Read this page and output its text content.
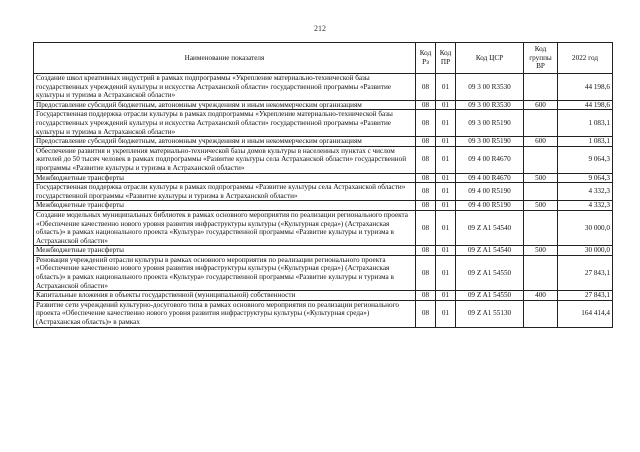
212
Наименование показателя	Код Рз	Код ПР	Код ЦСР	Код группы ВР	2022 год
Создание школ креативных индустрий в рамках подпрограммы «Укрепление материально-технической базы государственных учреждений культуры и искусства Астраханской области» государственной программы «Развитие культуры и туризма в Астраханской области»	08	01	09 3 00 R3530		44 198,6
Предоставление субсидий бюджетным, автономным учреждениям и иным некоммерческим организациям	08	01	09 3 00 R3530	600	44 198,6
Государственная поддержка отрасли культуры в рамках подпрограммы «Укрепление материально-технической базы государственных учреждений культуры и искусства Астраханской области» государственной программы «Развитие культуры и туризма в Астраханской области»	08	01	09 3 00 R5190		1 083,1
Предоставление субсидий бюджетным, автономным учреждениям и иным некоммерческим организациям	08	01	09 3 00 R5190	600	1 083,1
Обеспечение развития и укрепления материально-технической базы домов культуры в населенных пунктах с числом жителей до 50 тысяч человек в рамках подпрограммы «Развитие культуры села Астраханской области» государственной программы «Развитие культуры и туризма в Астраханской области»	08	01	09 4 00 R4670		9 064,3
Межбюджетные трансферты	08	01	09 4 00 R4670	500	9 064,3
Государственная поддержка отрасли культуры в рамках подпрограммы «Развитие культуры села Астраханской области» государственной программы «Развитие культуры и туризма в Астраханской области»	08	01	09 4 00 R5190		4 332,3
Межбюджетные трансферты	08	01	09 4 00 R5190	500	4 332,3
Создание модельных муниципальных библиотек в рамках основного мероприятия по реализации регионального проекта «Обеспечение качественно нового уровня развития инфраструктуры культуры («Культурная среда») (Астраханская область)» в рамках национального проекта «Культура» государственной программы «Развитие культуры и туризма в Астраханской области»	08	01	09 Z A1 54540		30 000,0
Межбюджетные трансферты	08	01	09 Z A1 54540	500	30 000,0
Реновация учреждений отрасли культуры в рамках основного мероприятия по реализации регионального проекта «Обеспечение качественно нового уровня развития инфраструктуры культуры («Культурная среда») (Астраханская область)» в рамках национального проекта «Культура» государственной программы «Развитие культуры и туризма в Астраханской области»	08	01	09 Z A1 54550		27 843,1
Капитальные вложения в объекты государственной (муниципальной) собственности	08	01	09 Z A1 54550	400	27 843,1
Развитие сети учреждений культурно-досугового типа в рамках основного мероприятия по реализации регионального проекта «Обеспечение качественно нового уровня развития инфраструктуры культуры («Культурная среда») (Астраханская область)» в рамках	08	01	09 Z A1 55130		164 414,4
